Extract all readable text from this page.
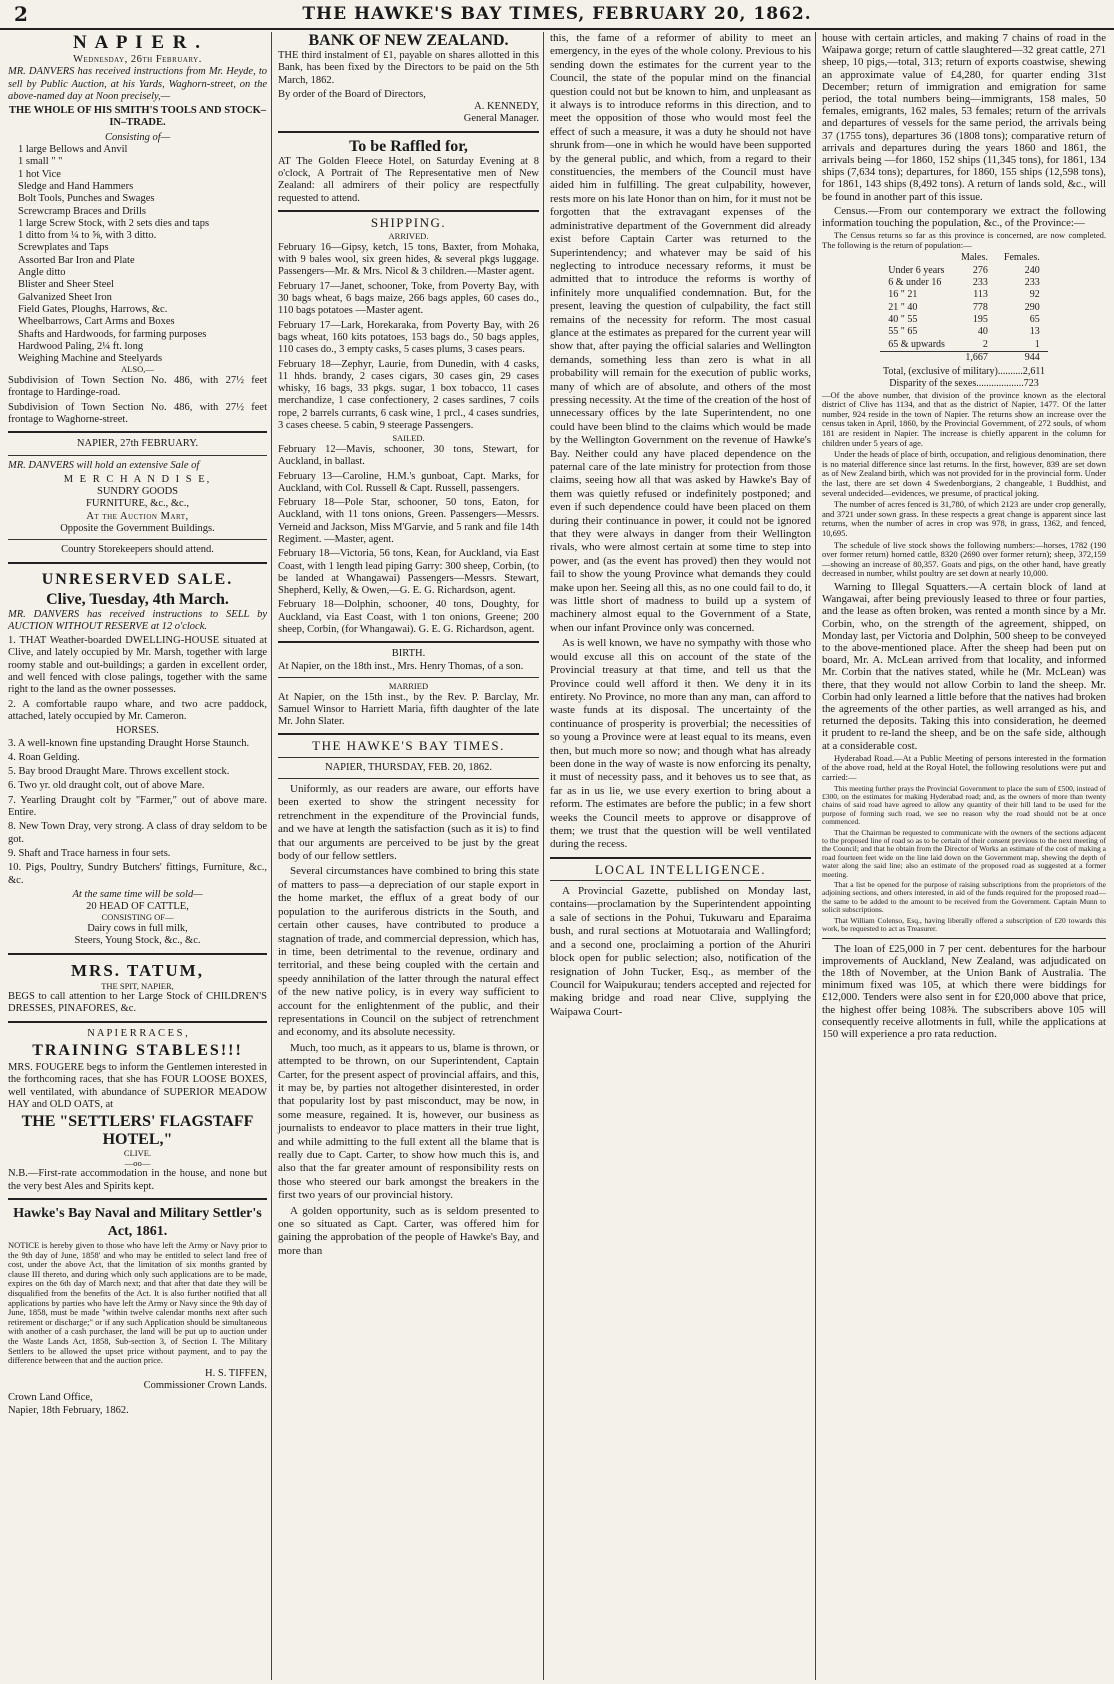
2	THE HAWKE'S BAY TIMES, FEBRUARY 20, 1862.
N A P I E R .
Wednesday, 26th February.

MR. DANVERS has received instructions from Mr. Heyde, to sell by Public Auction, at his Yards, Waghorn-street, on the above-named day at Noon precisely,—

THE WHOLE OF HIS SMITH'S TOOLS AND STOCK–IN–TRADE.

Consisting of—
1 large Bellows and Anvil
1 small " "
1 hot Vice
Sledge and Hand Hammers
Bolt Tools, Punches and Swages
Screwcramp Braces and Drills
1 large Screw Stock, with 2 sets dies and taps
1 ditto from ¼ to ⅝, with 3 ditto.
Screwplates and Taps
Assorted Bar Iron and Plate
Angle ditto
Blister and Sheer Steel
Galvanized Sheet Iron
Field Gates, Ploughs, Harrows, &c.
Wheelbarrows, Cart Arms and Boxes
Shafts and Hardwoods, for farming purposes
Hardwood Paling, 2¼ ft. long
Weighing Machine and Steelyards
ALSO,—

Subdivision of Town Section No. 486, with 27½ feet frontage to Hardinge-road.

Subdivision of Town Section No. 486, with 27½ feet frontage to Waghorne-street.

NAPIER, 27th FEBRUARY.

MR. DANVERS will hold an extensive Sale of

M E R C H A N D I S E,
SUNDRY GOODS
FURNITURE, &c., &c.,
At the Auction Mart,
Opposite the Government Buildings.
Country Storekeepers should attend.
UNRESERVED SALE.
Clive, Tuesday, 4th March.

MR. DANVERS has received instructions to SELL by AUCTION WITHOUT RESERVE at 12 o'clock.

1. THAT Weather-boarded DWELLING-HOUSE situated at Clive, and lately occupied by Mr. Marsh, together with large roomy stable and out-buildings; a garden in excellent order, and well fenced with close palings, together with the same right to the land as the owner possesses.

2. A comfortable raupo whare, and two acre paddock, attached, lately occupied by Mr. Cameron.

HORSES.

3. A well-known fine upstanding Draught Horse Staunch.

4. Roan Gelding.

5. Bay brood Draught Mare. Throws excellent stock.

6. Two yr. old draught colt, out of above Mare.

7. Yearling Draught colt by "Farmer," out of above mare. Entire.

8. New Town Dray, very strong. A class of dray seldom to be got.

9. Shaft and Trace harness in four sets.

10. Pigs, Poultry, Sundry Butchers' fittings, Furniture, &c., &c.

At the same time will be sold—
20 HEAD OF CATTLE,
CONSISTING OF—
Dairy cows in full milk,
Steers, Young Stock, &c., &c.
MRS. TATUM,
THE SPIT, NAPIER,

BEGS to call attention to her Large Stock of CHILDREN'S DRESSES, PINAFORES, &c.

N A P I E R R A C E S ,
TRAINING STABLES!!!

MRS. FOUGERE begs to inform the Gentlemen interested in the forthcoming races, that she has FOUR LOOSE BOXES, well ventilated, with abundance of SUPERIOR MEADOW HAY and OLD OATS, at

THE "SETTLERS' FLAGSTAFF HOTEL,"
CLIVE.
—oo—

N.B.—First-rate accommodation in the house, and none but the very best Ales and Spirits kept.

Hawke's Bay Naval and Military Settler's Act, 1861.

NOTICE is hereby given to those who have left the Army or Navy prior to the 9th day of June, 1858' and who may be entitled to select land free of cost, under the above Act, that the limitation of six months granted by clause III thereto, and during which only such applications are to be made, expires on the 6th day of March next; and that after that date they will be disqualified from the benefits of the Act. It is also further notified that all applications by parties who have left the Army or Navy since the 9th day of June, 1858, must be made "within twelve calendar months next after such retirement or discharge;" or if any such Application should be simultaneous with another of a cash purchaser, the land will be put up to auction under the Waste Lands Act, 1858, Sub-section 3, of Section I. The Military Settlers to be allowed the upset price without payment, and to pay the difference between that and the auction price.

H. S. TIFFEN,
Commissioner Crown Lands.
Crown Land Office,
Napier, 18th February, 1862.
BANK OF NEW ZEALAND.

THE third instalment of £1, payable on shares allotted in this Bank, has been fixed by the Directors to be paid on the 5th March, 1862.

By order of the Board of Directors,
A. KENNEDY,
General Manager.
To be Raffled for,

AT The Golden Fleece Hotel, on Saturday Evening at 8 o'clock, A Portrait of The Representative men of New Zealand: all admirers of their policy are respectfully requested to attend.

SHIPPING.
ARRIVED.

February 16—Gipsy, ketch, 15 tons, Baxter, from Mohaka, with 9 bales wool, six green hides, & several pkgs luggage. Passengers—Mr. & Mrs. Nicol & 3 children.—Master agent.

February 17—Janet, schooner, Toke, from Poverty Bay, with 30 bags wheat, 6 bags maize, 266 bags apples, 60 cases do., 110 bags potatoes —Master agent.

February 17—Lark, Horekaraka, from Poverty Bay, with 26 bags wheat, 160 kits potatoes, 153 bags do., 50 bags apples, 110 cases do., 3 empty casks, 5 cases plums, 3 cases pears.

February 18—Zephyr, Laurie, from Dunedin, with 4 casks, 11 hhds. brandy, 2 cases cigars, 30 cases gin, 29 cases whisky, 16 bags, 33 pkgs. sugar, 1 box tobacco, 11 cases merchandize, 1 case confectionery, 2 cases sardines, 7 coils rope, 2 barrels currants, 6 cask wine, 1 prcl., 4 cases sundries, 3 cases cheese. 5 cabin, 9 steerage Passengers.

SAILED.

February 12—Mavis, schooner, 30 tons, Stewart, for Auckland, in ballast.

February 13—Caroline, H.M.'s gunboat, Capt. Marks, for Auckland, with Col. Russell & Capt. Russell, passengers.

February 18—Pole Star, schooner, 50 tons, Eaton, for Auckland, with 11 tons onions, Green. Passengers—Messrs. Verneid and Jackson, Miss M'Garvie, and 5 rank and file 14th Regiment. —Master, agent.

February 18—Victoria, 56 tons, Kean, for Auckland, via East Coast, with 1 length lead piping Garry: 300 sheep, Corbin, (to be landed at Whangawai) Passengers—Messrs. Stewart, Shepherd, Kelly, & Owen,—G. E. G. Richardson, agent.

February 18—Dolphin, schooner, 40 tons, Doughty, for Auckland, via East Coast, with 1 ton onions, Greene; 200 sheep, Corbin, (for Whangawai). G. E. G. Richardson, agent.

BIRTH.

At Napier, on the 18th inst., Mrs. Henry Thomas, of a son.

MARRIED

At Napier, on the 15th inst., by the Rev. P. Barclay, Mr. Samuel Winsor to Harriett Maria, fifth daughter of the late Mr. John Slater.

THE HAWKE'S BAY TIMES.
NAPIER, THURSDAY, FEB. 20, 1862.

Uniformly, as our readers are aware, our efforts have been exerted to show the stringent necessity for retrenchment in the expenditure of the Provincial funds, and we have at length the satisfaction (such as it is) to find that our arguments are perceived to be just by the great body of our fellow settlers.

Several circumstances have combined to bring this state of matters to pass—a depreciation of our staple export in the home market, the efflux of a great body of our population to the auriferous districts in the South, and certain other causes, have contributed to produce a stagnation of trade, and commercial depression, which has, in time, been detrimental to the revenue, ordinary and territorial, and these being coupled with the certain and speedy annihilation of the latter through the natural effect of the new native policy, is in every way sufficient to account for the enlightenment of the public, and their representations in Council on the subject of retrenchment and economy, and its absolute necessity.

Much, too much, as it appears to us, blame is thrown, or attempted to be thrown, on our Superintendent, Captain Carter, for the present aspect of provincial affairs, and this, it may be, by parties not altogether disinterested, in order that popularity lost by past misconduct, may be now, in some measure, regained. It is, however, our business as journalists to endeavor to place matters in their true light, and while admitting to the full extent all the blame that is really due to Capt. Carter, to show how much this is, and also that the far greater amount of responsibility rests on those who steered our bark amongst the breakers in the first two years of our provincial history.

A golden opportunity, such as is seldom presented to one so situated as Capt. Carter, was offered him for gaining the approbation of the people of Hawke's Bay, and more than

this, the fame of a reformer of ability to meet an emergency, in the eyes of the whole colony. Previous to his sending down the estimates for the current year to the Council, the state of the popular mind on the financial question could not but be known to him, and unpleasant as it always is to introduce reforms in this direction, and to meet the opposition of those who would most feel the effect of such a measure, it was a duty he should not have shrunk from—one in which he would have been supported by the general public, and which, from a regard to their constituencies, the members of the Council must have aided him in fulfilling. The great culpability, however, rests more on his late Honor than on him, for it must not be forgotten that the extravagant expenses of the administrative department of the Government did already exist before Captain Carter was returned to the Superintendency; and whatever may be said of his neglecting to introduce necessary reforms, it must be admitted that to introduce the reforms is worthy of infinitely more unqualified condemnation. But, for the present, leaving the question of culpability, the fact still remains of the necessity for reform. The most casual glance at the estimates as prepared for the current year will show that, after paying the official salaries and Wellington demands, something less than zero is what in all probability will remain for the execution of public works, many of which are of absolute, and others of the most pressing necessity. At the time of the creation of the host of unnecessary offices by the late Superintendent, no one could have been blind to the claims which would be made by the Wellington Government on the revenue of Hawke's Bay. Neither could any have placed dependence on the paternal care of the late ministry for protection from those claims, seeing how all that was asked by Hawke's Bay of them was quietly refused or indefinitely postponed; and even if such dependence could have been placed on them during their continuance in power, it could not be ignored that they were always in danger from their Wellington rivals, who were almost certain at some time to step into power, and (as the event has proved) then they would not fail to show the young Province what demands they could make upon her. Seeing all this, as no one could fail to do, it was little short of madness to build up a system of machinery almost equal to the Government of a State, when our infant Province only was concerned.

As is well known, we have no sympathy with those who would excuse all this on account of the state of the Provincial treasury at that time, and tell us that the Province could well afford it then. We deny it in its entirety. No Province, no more than any man, can afford to waste funds at its disposal. The uncertainty of the continuance of prosperity is proverbial; the necessities of so young a Province were at least equal to its means, even then, but much more so now; and though what has already been done in the way of waste is now enforcing its penalty, it must of necessity pass, and it behoves us to see that, as far as in us lie, we use every exertion to bring about a reform. The estimates are before the public; in a few short weeks the Council meets to approve or disapprove of them; we trust that the question will be well ventilated during the recess.

LOCAL INTELLIGENCE.

A Provincial Gazette, published on Monday last, contains—proclamation by the Superintendent appointing a sale of sections in the Pohui, Tukuwaru and Eparaima bush, and rural sections at Motuotaraia and Wallingford; and a second one, proclaiming a portion of the Ahuriri block open for public selection; also, notification of the resignation of John Tucker, Esq., as member of the Council for Waipukurau; tenders accepted and rejected for making bridge and road near Clive, supplying the Waipawa Court-

house with certain articles, and making 7 chains of road in the Waipawa gorge; return of cattle slaughtered—32 great cattle, 271 sheep, 10 pigs,—total, 313; return of exports coastwise, shewing an approximate value of £4,280, for quarter ending 31st December; return of immigration and emigration for same period, the total numbers being—immigrants, 158 males, 50 females, emigrants, 162 males, 53 females; return of the arrivals and departures of vessels for the same period, the arrivals being 37 (1755 tons), departures 36 (1808 tons); comparative return of arrivals and departures during the years 1860 and 1861, the arrivals being —for 1860, 152 ships (11,345 tons), for 1861, 134 ships (7,634 tons); departures, for 1860, 155 ships (12,598 tons), for 1861, 143 ships (8,492 tons). A return of lands sold, &c., will be found in another part of this issue.

Census.—From our contemporary we extract the following information touching the population, &c., of the Province:—

The Census returns so far as this province is concerned, are now completed. The following is the return of population:—

	Males.	Females.
Under 6 years	276	240
6 & under 16	233	233
16 " 21	113	92
21 " 40	778	290
40 " 55	195	65
55 " 65	40	13
65 & upwards	2	1
	1,667	944
Total, (exclusive of military)..........2,611
Disparity of the sexes...................723

—Of the above number, that division of the province known as the electoral district of Clive has 1134, and that as the district of Napier, 1477. Of the latter number, 924 reside in the town of Napier. The returns show an increase over the census taken in April, 1860, by the Provincial Government, of 272 souls, of whom 181 are resident in Napier. The increase is chiefly apparent in the column for children under 5 years of age.

Under the heads of place of birth, occupation, and religious denomination, there is no material difference since last returns. In the first, however, 839 are set down as of New Zealand birth, which was not provided for in the provincial form. Under the last, there are set down 4 Swedenborgians, 2 changeable, 1 Buddhist, and several undecided—evidences, we presume, of practical joking.

The number of acres fenced is 31,780, of which 2123 are under crop generally, and 3721 under sown grass. In these respects a great change is apparent since last returns, when the number of acres in crop was 978, in grass, 1362, and fenced, 10,695.

The schedule of live stock shows the following numbers:—horses, 1782 (190 over former return) horned cattle, 8320 (2690 over former return); sheep, 372,159—showing an increase of 80,357. Goats and pigs, on the other hand, have greatly decreased in number, whilst poultry are set down at nearly 10,000.

Warning to Illegal Squatters.—A certain block of land at Wangawai, after being previously leased to three or four parties, and the lease as often broken, was rented a month since by a Mr. Corbin, who, on the strength of the agreement, shipped, on Monday last, per Victoria and Dolphin, 500 sheep to be conveyed to the above-mentioned place. After the sheep had been put on board, Mr. A. McLean arrived from that locality, and informed Mr. Corbin that the natives stated, while he (Mr. McLean) was there, that they would not allow Corbin to land the sheep. Mr. Corbin had only learned a little before that the natives had broken the agreements of the other parties, as well arranged as his, and returned the deposits. Taking this into consideration, he deemed it prudent to re-land the sheep, and be on the safe side, although at a considerable cost.

Hyderabad Road.—At a Public Meeting of persons interested in the formation of the above road, held at the Royal Hotel, the following resolutions were put and carried:—

This meeting further prays the Provincial Government to place the sum of £500, instead of £300, on the estimates for making Hyderabad road; and, as the owners of more than twenty chains of said road have agreed to allow any quantity of their hill land to be used for the purpose of forming such road, we see no reason why the road should not be at once commenced.

That the Chairman be requested to communicate with the owners of the sections adjacent to the proposed line of road so as to be certain of their consent previous to the next meeting of the Council; and that he obtain from the Director of Works an estimate of the cost of making a road fourteen feet wide on the line laid down on the Government map, shewing the depth of water along the said line; also an estimate of the proposed road as suggested at a former meeting.

That a list be opened for the purpose of raising subscriptions from the proprietors of the adjoining sections, and others interested, in aid of the funds required for the proposed road—the same to be added to the amount to be received from the Government. Captain Munn to solicit subscriptions.

That William Colenso, Esq., having liberally offered a subscription of £20 towards this work, be requested to act as Treasurer.

The loan of £25,000 in 7 per cent. debentures for the harbour improvements of Auckland, New Zealand, was adjudicated on the 18th of November, at the Union Bank of Australia. The minimum fixed was 105, at which there were biddings for £12,000. Tenders were also sent in for £20,000 above that price, the highest offer being 108⅝. The subscribers above 105 will consequently receive allotments in full, while the applications at 150 will experience a pro rata reduction.
